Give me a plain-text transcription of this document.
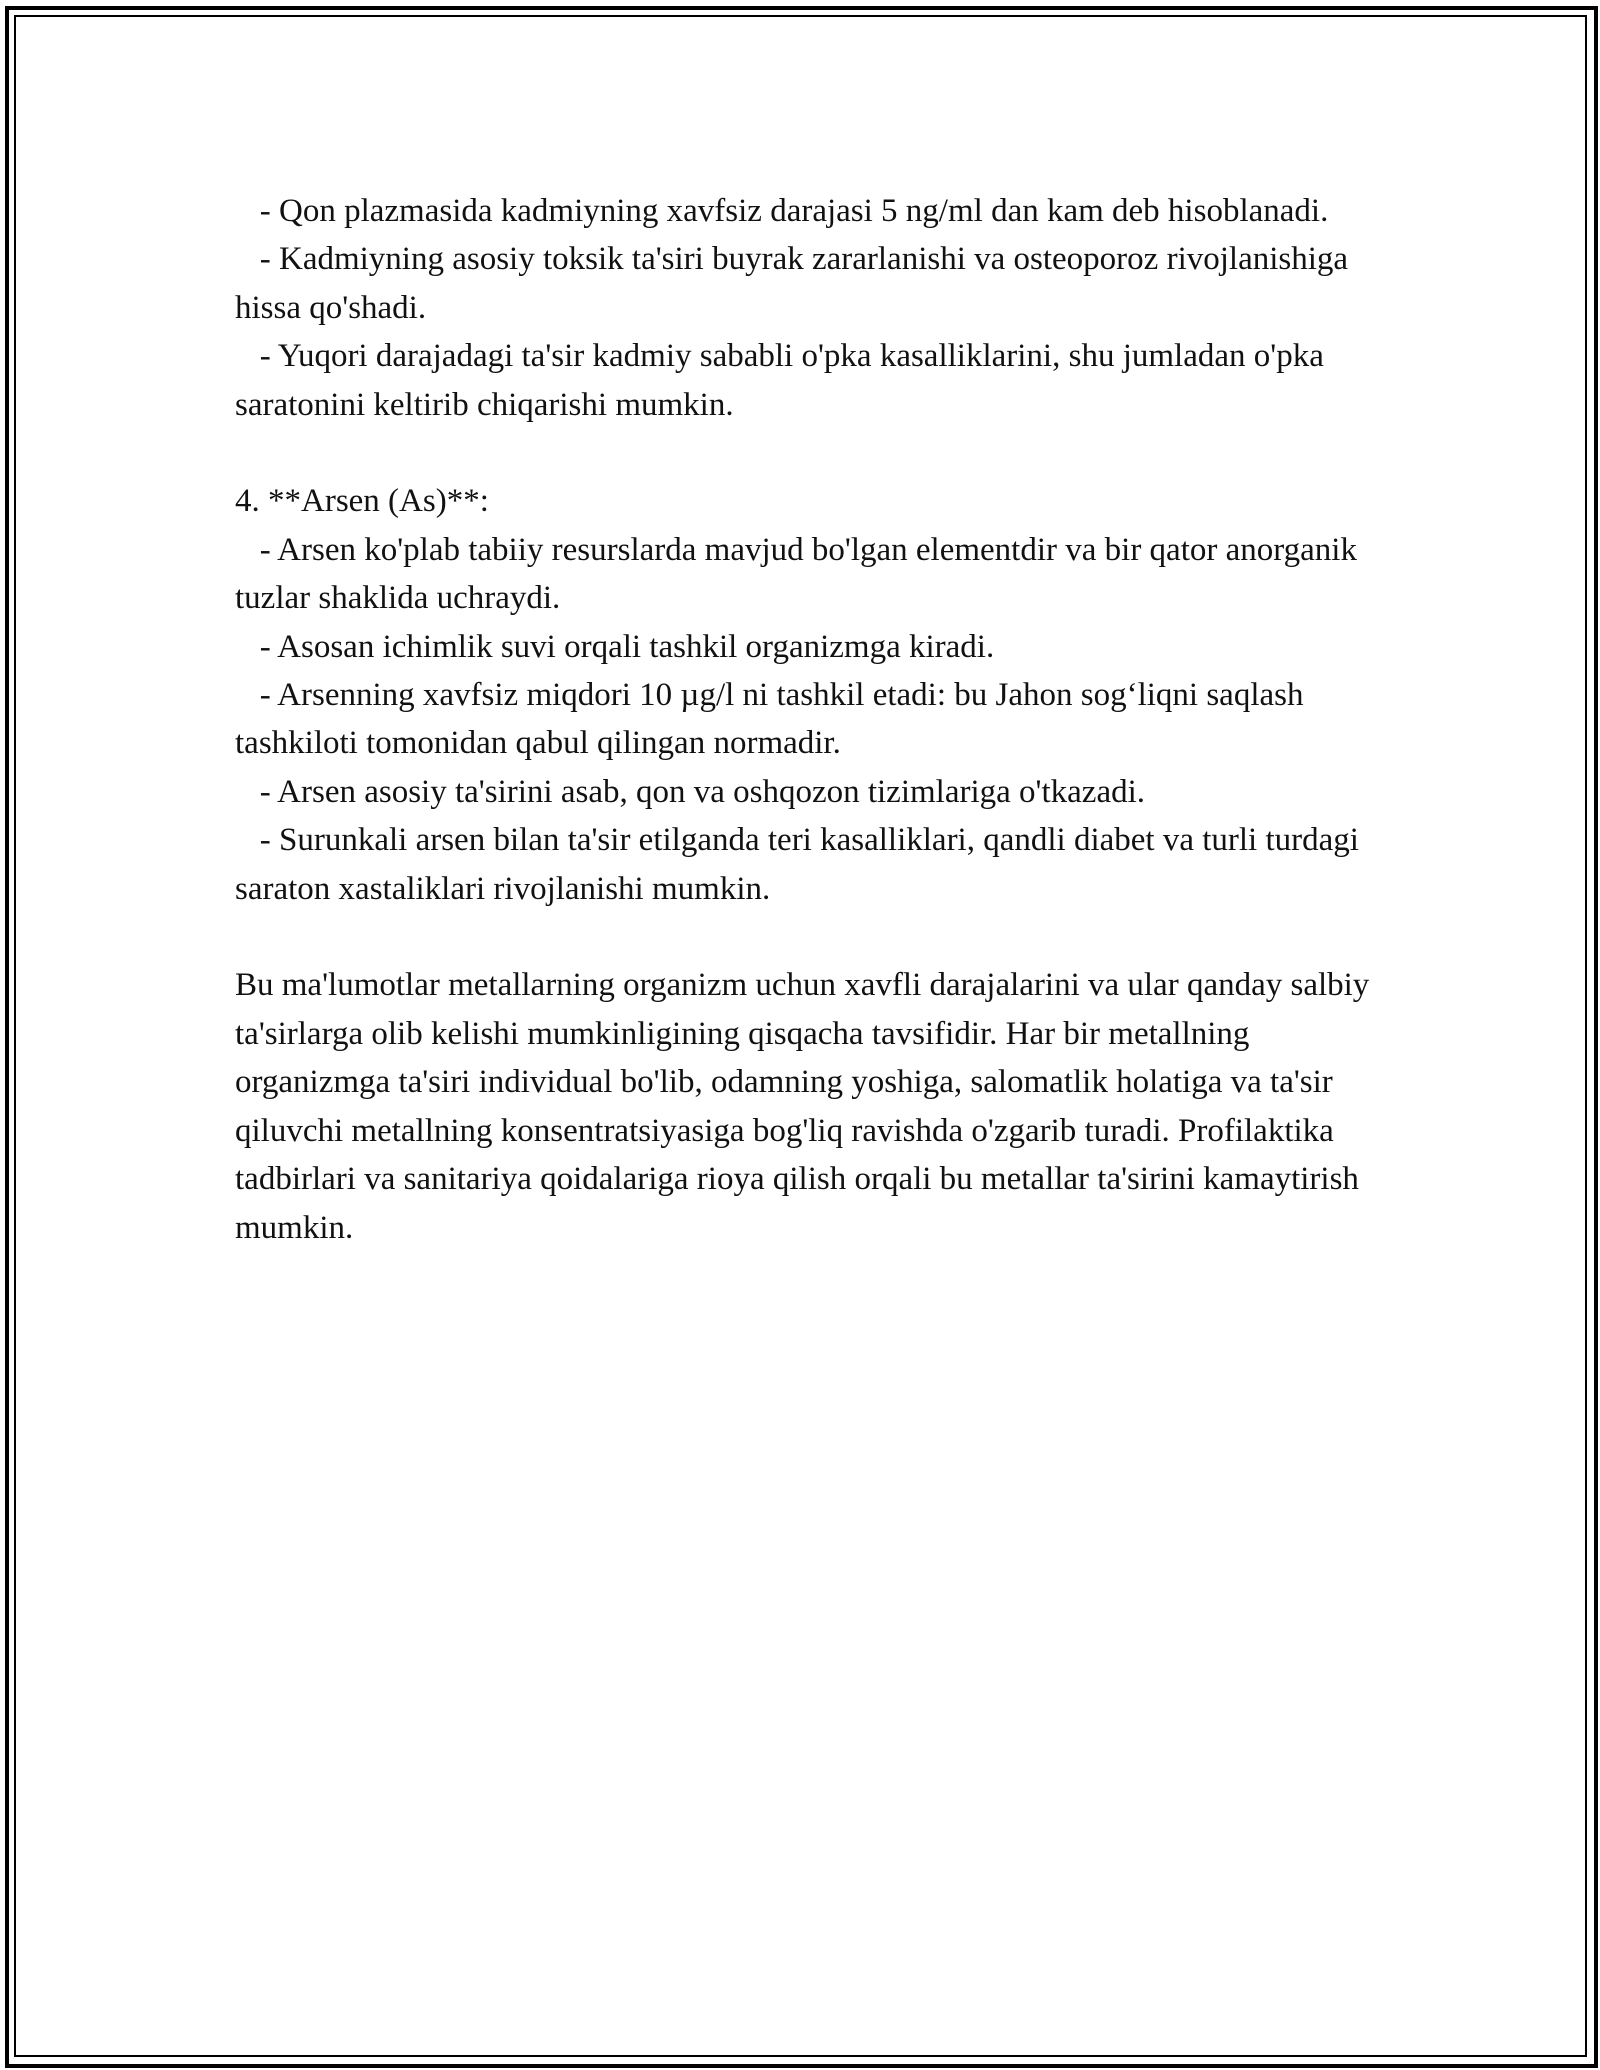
- Qon plazmasida kadmiyning xavfsiz darajasi 5 ng/ml dan kam deb hisoblanadi.

- Kadmiyning asosiy toksik ta'siri buyrak zararlanishi va osteoporoz rivojlanishiga hissa qo'shadi.

- Yuqori darajadagi ta'sir kadmiy sababli o'pka kasalliklarini, shu jumladan o'pka saratonini keltirib chiqarishi mumkin.

4. **Arsen (As)**:

- Arsen ko'plab tabiiy resurslarda mavjud bo'lgan elementdir va bir qator anorganik tuzlar shaklida uchraydi.

- Asosan ichimlik suvi orqali tashkil organizmga kiradi.

- Arsenning xavfsiz miqdori 10 µg/l ni tashkil etadi: bu Jahon sog‘liqni saqlash tashkiloti tomonidan qabul qilingan normadir.

- Arsen asosiy ta'sirini asab, qon va oshqozon tizimlariga o'tkazadi.

- Surunkali arsen bilan ta'sir etilganda teri kasalliklari, qandli diabet va turli turdagi saraton xastaliklari rivojlanishi mumkin.

Bu ma'lumotlar metallarning organizm uchun xavfli darajalarini va ular qanday salbiy ta'sirlarga olib kelishi mumkinligining qisqacha tavsifidir. Har bir metallning organizmga ta'siri individual bo'lib, odamning yoshiga, salomatlik holatiga va ta'sir qiluvchi metallning konsentratsiyasiga bog'liq ravishda o'zgarib turadi. Profilaktika tadbirlari va sanitariya qoidalariga rioya qilish orqali bu metallar ta'sirini kamaytirish mumkin.
